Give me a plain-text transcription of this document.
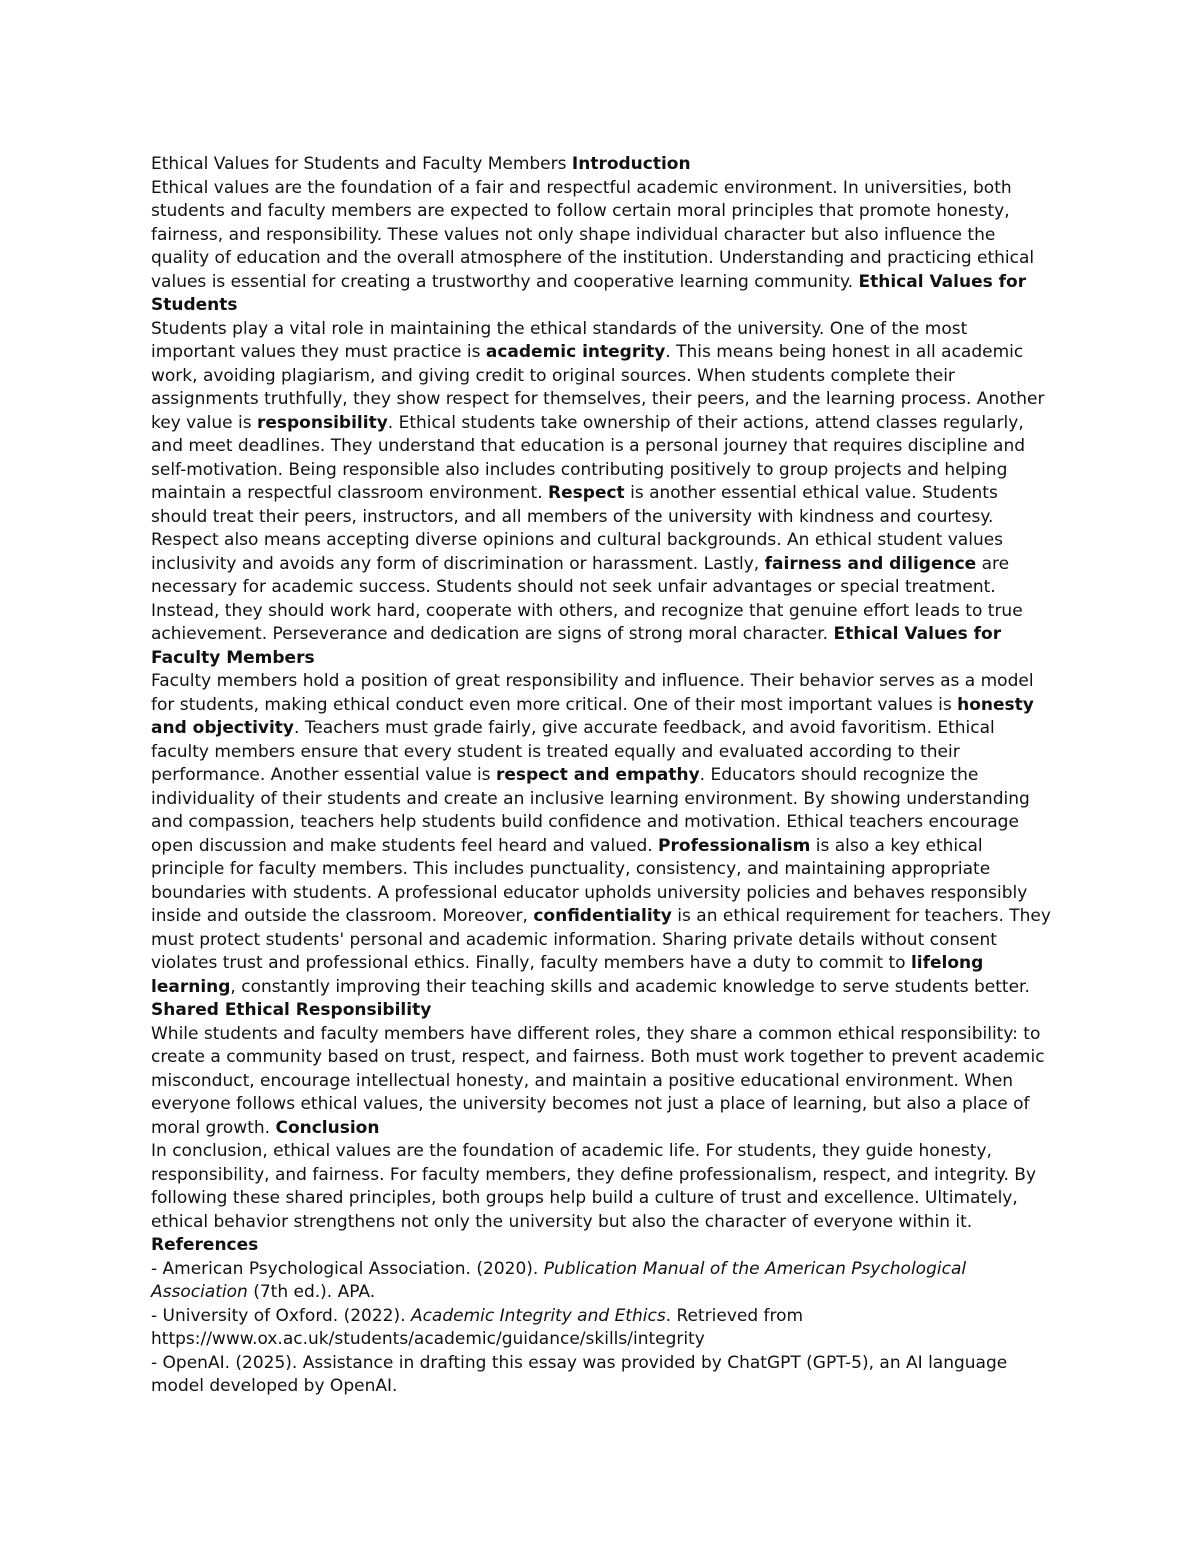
Ethical Values for Students and Faculty Members Introduction

Ethical values are the foundation of a fair and respectful academic environment. In universities, both students and faculty members are expected to follow certain moral principles that promote honesty, fairness, and responsibility. These values not only shape individual character but also influence the quality of education and the overall atmosphere of the institution. Understanding and practicing ethical values is essential for creating a trustworthy and cooperative learning community. Ethical Values for Students

Students play a vital role in maintaining the ethical standards of the university. One of the most important values they must practice is academic integrity. This means being honest in all academic work, avoiding plagiarism, and giving credit to original sources. When students complete their assignments truthfully, they show respect for themselves, their peers, and the learning process. Another key value is responsibility. Ethical students take ownership of their actions, attend classes regularly, and meet deadlines. They understand that education is a personal journey that requires discipline and self-motivation. Being responsible also includes contributing positively to group projects and helping maintain a respectful classroom environment. Respect is another essential ethical value. Students should treat their peers, instructors, and all members of the university with kindness and courtesy. Respect also means accepting diverse opinions and cultural backgrounds. An ethical student values inclusivity and avoids any form of discrimination or harassment. Lastly, fairness and diligence are necessary for academic success. Students should not seek unfair advantages or special treatment. Instead, they should work hard, cooperate with others, and recognize that genuine effort leads to true achievement. Perseverance and dedication are signs of strong moral character. Ethical Values for Faculty Members

Faculty members hold a position of great responsibility and influence. Their behavior serves as a model for students, making ethical conduct even more critical. One of their most important values is honesty and objectivity. Teachers must grade fairly, give accurate feedback, and avoid favoritism. Ethical faculty members ensure that every student is treated equally and evaluated according to their performance. Another essential value is respect and empathy. Educators should recognize the individuality of their students and create an inclusive learning environment. By showing understanding and compassion, teachers help students build confidence and motivation. Ethical teachers encourage open discussion and make students feel heard and valued. Professionalism is also a key ethical principle for faculty members. This includes punctuality, consistency, and maintaining appropriate boundaries with students. A professional educator upholds university policies and behaves responsibly inside and outside the classroom. Moreover, confidentiality is an ethical requirement for teachers. They must protect students' personal and academic information. Sharing private details without consent violates trust and professional ethics. Finally, faculty members have a duty to commit to lifelong learning, constantly improving their teaching skills and academic knowledge to serve students better. Shared Ethical Responsibility

While students and faculty members have different roles, they share a common ethical responsibility: to create a community based on trust, respect, and fairness. Both must work together to prevent academic misconduct, encourage intellectual honesty, and maintain a positive educational environment. When everyone follows ethical values, the university becomes not just a place of learning, but also a place of moral growth. Conclusion

In conclusion, ethical values are the foundation of academic life. For students, they guide honesty, responsibility, and fairness. For faculty members, they define professionalism, respect, and integrity. By following these shared principles, both groups help build a culture of trust and excellence. Ultimately, ethical behavior strengthens not only the university but also the character of everyone within it.

References

- American Psychological Association. (2020). Publication Manual of the American Psychological Association (7th ed.). APA.

- University of Oxford. (2022). Academic Integrity and Ethics. Retrieved from
https://www.ox.ac.uk/students/academic/guidance/skills/integrity

- OpenAI. (2025). Assistance in drafting this essay was provided by ChatGPT (GPT-5), an AI language model developed by OpenAI.
